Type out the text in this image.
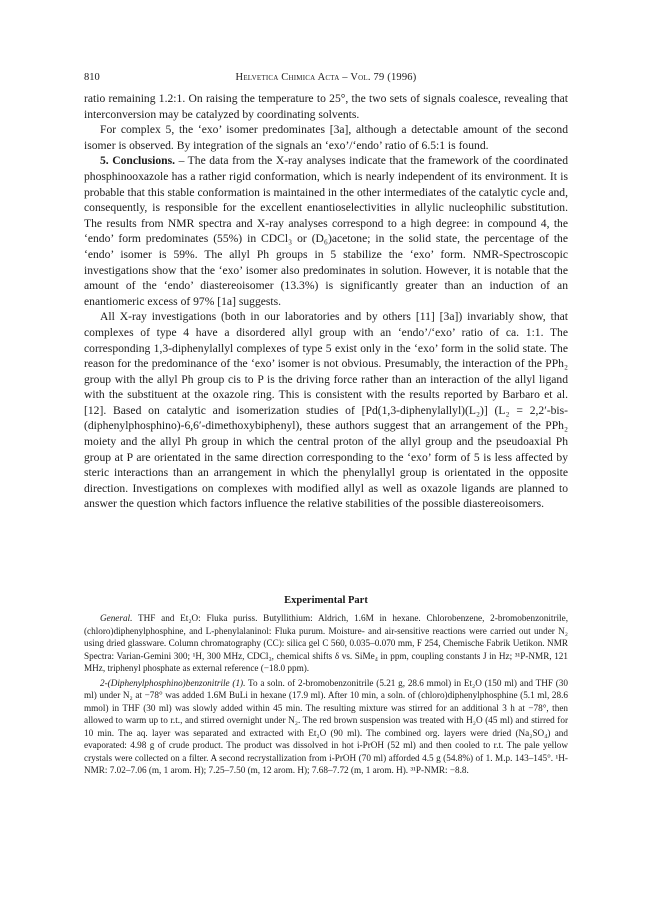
810	Helvetica Chimica Acta – Vol. 79 (1996)

ratio remaining 1.2:1. On raising the temperature to 25°, the two sets of signals coalesce, revealing that interconversion may be catalyzed by coordinating solvents.

For complex 5, the ‘exo’ isomer predominates [3a], although a detectable amount of the second isomer is observed. By integration of the signals an ‘exo’/‘endo’ ratio of 6.5:1 is found.

5. Conclusions. – The data from the X-ray analyses indicate that the framework of the coordinated phosphinooxazole has a rather rigid conformation, which is nearly independent of its environment. It is probable that this stable conformation is maintained in the other intermediates of the catalytic cycle and, consequently, is responsible for the excellent enantioselectivities in allylic nucleophilic substitution. The results from NMR spectra and X-ray analyses correspond to a high degree: in compound 4, the ‘endo’ form predominates (55%) in CDCl₃ or (D₆)acetone; in the solid state, the percentage of the ‘endo’ isomer is 59%. The allyl Ph groups in 5 stabilize the ‘exo’ form. NMR-Spectroscopic investigations show that the ‘exo’ isomer also predominates in solution. However, it is notable that the amount of the ‘endo’ diastereoisomer (13.3%) is significantly greater than an induction of an enantiomeric excess of 97% [1a] suggests.

All X-ray investigations (both in our laboratories and by others [11] [3a]) invariably show, that complexes of type 4 have a disordered allyl group with an ‘endo’/‘exo’ ratio of ca. 1:1. The corresponding 1,3-diphenylallyl complexes of type 5 exist only in the ‘exo’ form in the solid state. The reason for the predominance of the ‘exo’ isomer is not obvious. Presumably, the interaction of the PPh₂ group with the allyl Ph group cis to P is the driving force rather than an interaction of the allyl ligand with the substituent at the oxazole ring. This is consistent with the results reported by Barbaro et al. [12]. Based on catalytic and isomerization studies of [Pd(1,3-diphenylallyl)(L₂)] (L₂ = 2,2′-bis-(diphenylphosphino)-6,6′-dimethoxybiphenyl), these authors suggest that an arrangement of the PPh₂ moiety and the allyl Ph group in which the central proton of the allyl group and the pseudoaxial Ph group at P are orientated in the same direction corresponding to the ‘exo’ form of 5 is less affected by steric interactions than an arrangement in which the phenylallyl group is orientated in the opposite direction. Investigations on complexes with modified allyl as well as oxazole ligands are planned to answer the question which factors influence the relative stabilities of the possible diastereoisomers.

Experimental Part

General. THF and Et₂O: Fluka puriss. Butyllithium: Aldrich, 1.6M in hexane. Chlorobenzene, 2-bromobenzonitrile, (chloro)diphenylphosphine, and L-phenylalaninol: Fluka purum. Moisture- and air-sensitive reactions were carried out under N₂ using dried glassware. Column chromatography (CC): silica gel C 560, 0.035–0.070 mm, F 254, Chemische Fabrik Uetikon. NMR Spectra: Varian-Gemini 300; ¹H, 300 MHz, CDCl₃, chemical shifts δ vs. SiMe₄ in ppm, coupling constants J in Hz; ³¹P-NMR, 121 MHz, triphenyl phosphate as external reference (−18.0 ppm).

2-(Diphenylphosphino)benzonitrile (1). To a soln. of 2-bromobenzonitrile (5.21 g, 28.6 mmol) in Et₂O (150 ml) and THF (30 ml) under N₂ at −78° was added 1.6M BuLi in hexane (17.9 ml). After 10 min, a soln. of (chloro)diphenylphosphine (5.1 ml, 28.6 mmol) in THF (30 ml) was slowly added within 45 min. The resulting mixture was stirred for an additional 3 h at −78°, then allowed to warm up to r.t., and stirred overnight under N₂. The red brown suspension was treated with H₂O (45 ml) and stirred for 10 min. The aq. layer was separated and extracted with Et₂O (90 ml). The combined org. layers were dried (Na₂SO₄) and evaporated: 4.98 g of crude product. The product was dissolved in hot i-PrOH (52 ml) and then cooled to r.t. The pale yellow crystals were collected on a filter. A second recrystallization from i-PrOH (70 ml) afforded 4.5 g (54.8%) of 1. M.p. 143–145°. ¹H-NMR: 7.02–7.06 (m, 1 arom. H); 7.25–7.50 (m, 12 arom. H); 7.68–7.72 (m, 1 arom. H). ³¹P-NMR: −8.8.
